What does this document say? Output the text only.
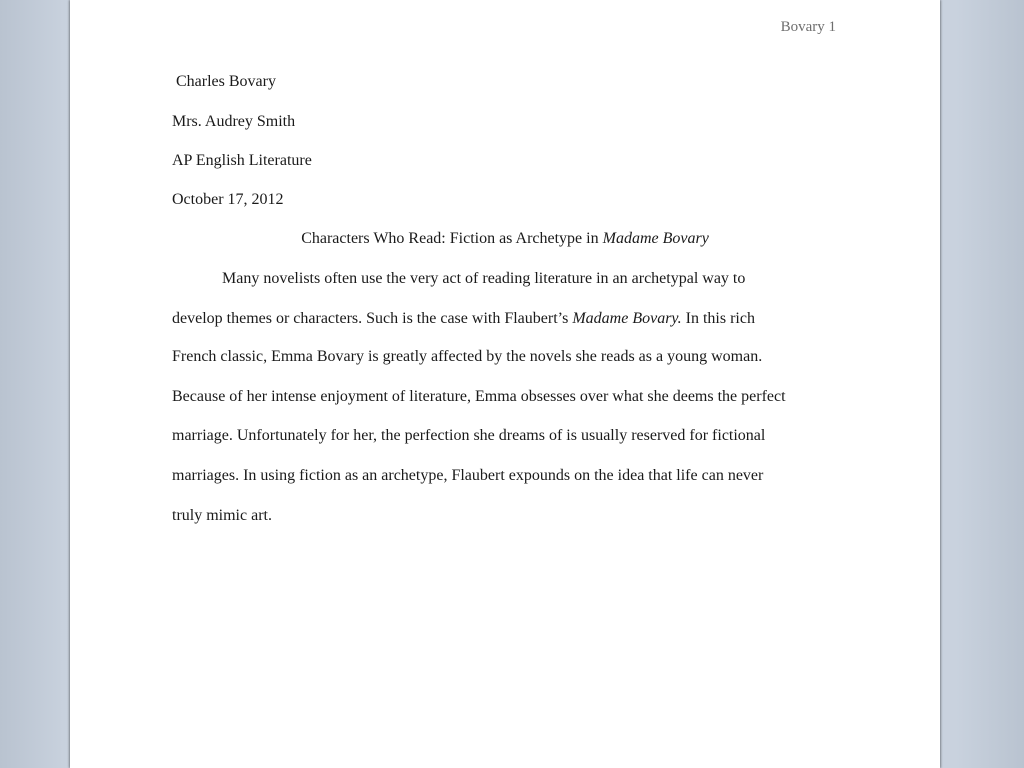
Bovary 1
Charles Bovary
Mrs. Audrey Smith
AP English Literature
October 17, 2012
Characters Who Read: Fiction as Archetype in Madame Bovary
Many novelists often use the very act of reading literature in an archetypal way to
develop themes or characters. Such is the case with Flaubert’s Madame Bovary. In this rich
French classic, Emma Bovary is greatly affected by the novels she reads as a young woman.
Because of her intense enjoyment of literature, Emma obsesses over what she deems the perfect
marriage. Unfortunately for her, the perfection she dreams of is usually reserved for fictional
marriages. In using fiction as an archetype, Flaubert expounds on the idea that life can never
truly mimic art.
